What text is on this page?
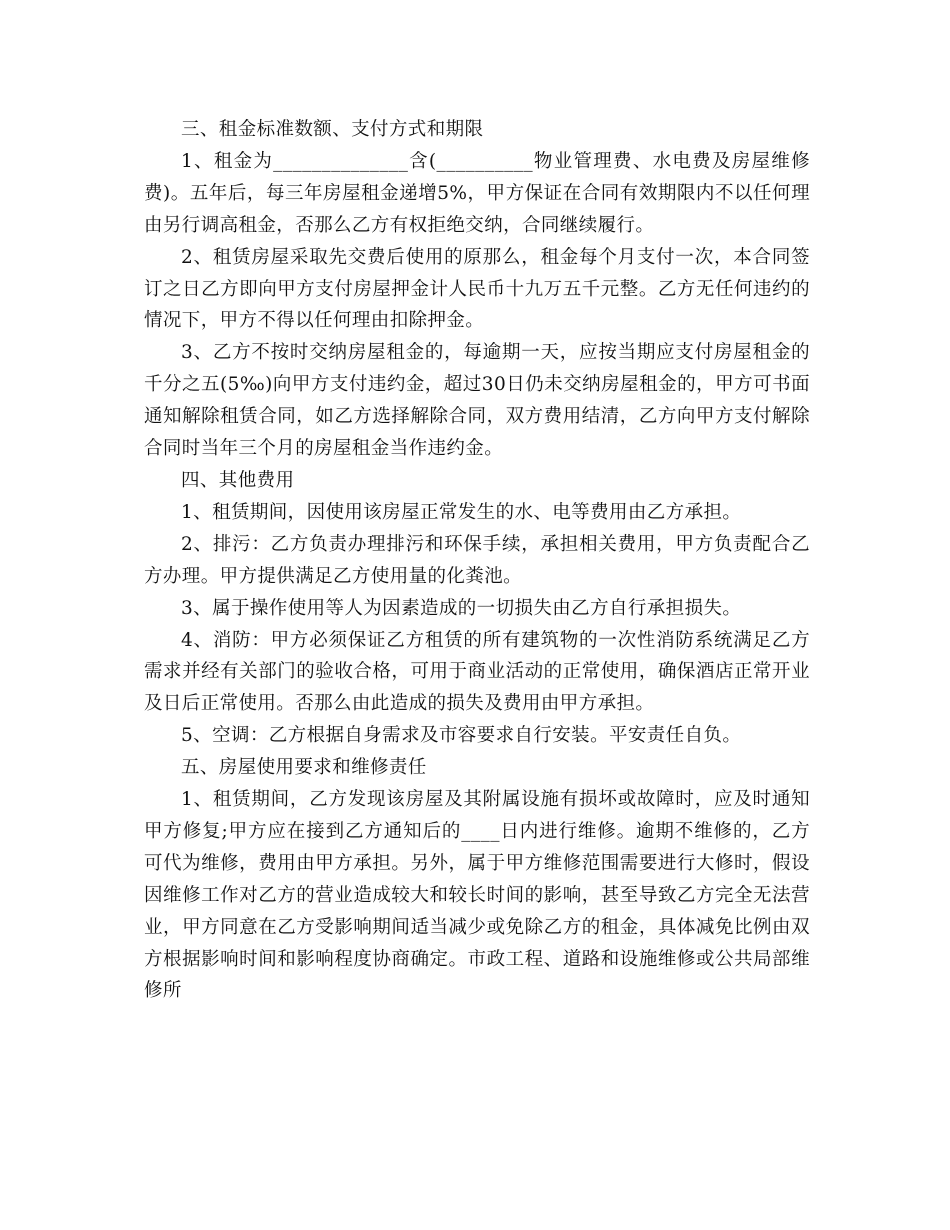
三、租金标准数额、支付方式和期限

1、租金为______________含(__________物业管理费、水电费及房屋维修费)。五年后，每三年房屋租金递增5%，甲方保证在合同有效期限内不以任何理由另行调高租金，否那么乙方有权拒绝交纳，合同继续履行。

2、租赁房屋采取先交费后使用的原那么，租金每个月支付一次，本合同签订之日乙方即向甲方支付房屋押金计人民币十九万五千元整。乙方无任何违约的情况下，甲方不得以任何理由扣除押金。

3、乙方不按时交纳房屋租金的，每逾期一天，应按当期应支付房屋租金的千分之五(5‰)向甲方支付违约金，超过30日仍未交纳房屋租金的，甲方可书面通知解除租赁合同，如乙方选择解除合同，双方费用结清，乙方向甲方支付解除合同时当年三个月的房屋租金当作违约金。

四、其他费用

1、租赁期间，因使用该房屋正常发生的水、电等费用由乙方承担。

2、排污：乙方负责办理排污和环保手续，承担相关费用，甲方负责配合乙方办理。甲方提供满足乙方使用量的化粪池。

3、属于操作使用等人为因素造成的一切损失由乙方自行承担损失。

4、消防：甲方必须保证乙方租赁的所有建筑物的一次性消防系统满足乙方需求并经有关部门的验收合格，可用于商业活动的正常使用，确保酒店正常开业及日后正常使用。否那么由此造成的损失及费用由甲方承担。

5、空调：乙方根据自身需求及市容要求自行安装。平安责任自负。

五、房屋使用要求和维修责任

1、租赁期间，乙方发现该房屋及其附属设施有损坏或故障时，应及时通知甲方修复;甲方应在接到乙方通知后的____日内进行维修。逾期不维修的，乙方可代为维修，费用由甲方承担。另外，属于甲方维修范围需要进行大修时，假设因维修工作对乙方的营业造成较大和较长时间的影响，甚至导致乙方完全无法营业，甲方同意在乙方受影响期间适当减少或免除乙方的租金，具体减免比例由双方根据影响时间和影响程度协商确定。市政工程、道路和设施维修或公共局部维修所
